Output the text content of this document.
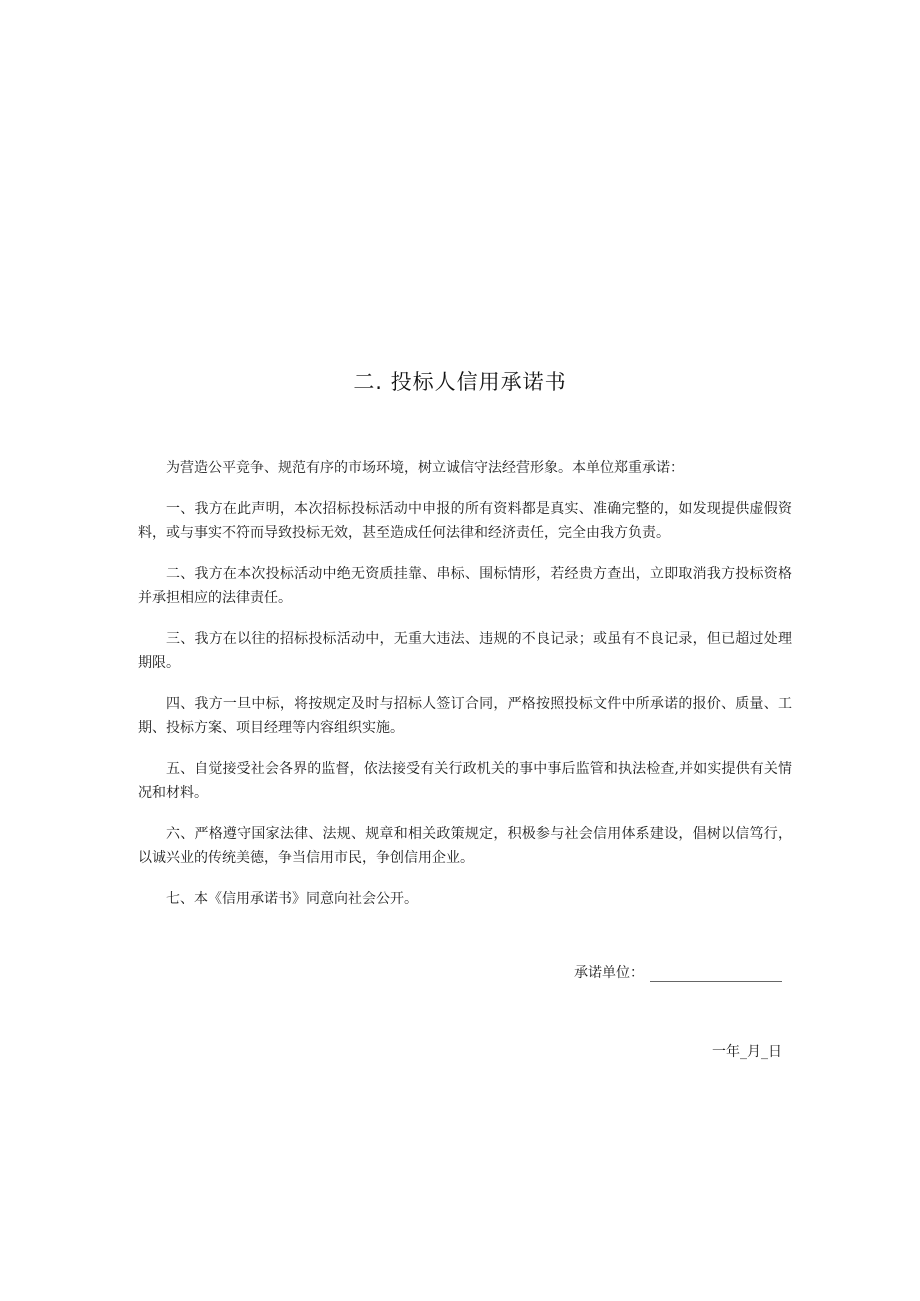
二. 投标人信用承诺书

为营造公平竞争、规范有序的市场环境，树立诚信守法经营形象。本单位郑重承诺：

一、我方在此声明，本次招标投标活动中申报的所有资料都是真实、准确完整的，如发现提供虚假资料，或与事实不符而导致投标无效，甚至造成任何法律和经济责任，完全由我方负责。

二、我方在本次投标活动中绝无资质挂靠、串标、围标情形，若经贵方查出，立即取消我方投标资格并承担相应的法律责任。

三、我方在以往的招标投标活动中，无重大违法、违规的不良记录；或虽有不良记录，但已超过处理期限。

四、我方一旦中标，将按规定及时与招标人签订合同，严格按照投标文件中所承诺的报价、质量、工期、投标方案、项目经理等内容组织实施。

五、自觉接受社会各界的监督，依法接受有关行政机关的事中事后监管和执法检查,并如实提供有关情况和材料。

六、严格遵守国家法律、法规、规章和相关政策规定，积极参与社会信用体系建设，倡树以信笃行，以诚兴业的传统美德，争当信用市民，争创信用企业。

七、本《信用承诺书》同意向社会公开。

承诺单位：
一年_月_日
